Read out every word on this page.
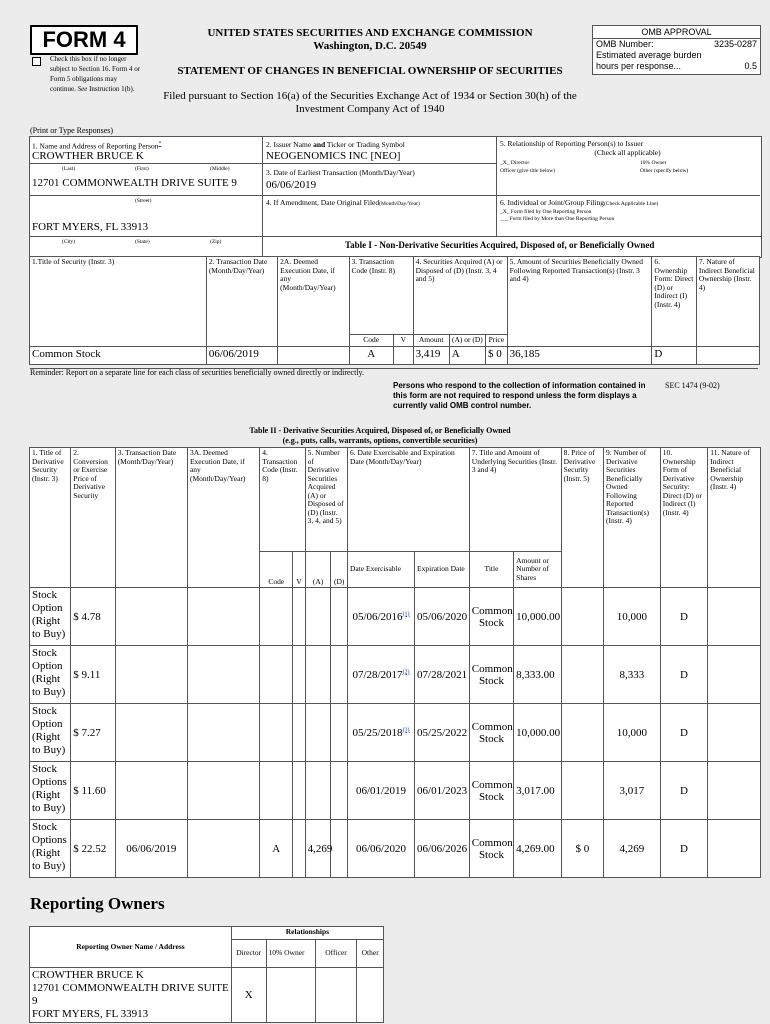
FORM 4
Check this box if no longer subject to Section 16. Form 4 or Form 5 obligations may continue. See Instruction 1(b).
UNITED STATES SECURITIES AND EXCHANGE COMMISSION
Washington, D.C. 20549
STATEMENT OF CHANGES IN BENEFICIAL OWNERSHIP OF SECURITIES
Filed pursuant to Section 16(a) of the Securities Exchange Act of 1934 or Section 30(h) of the
Investment Company Act of 1940
OMB APPROVAL
OMB Number:	3235-0287
Estimated average burden
hours per response...	0.5
(Print or Type Responses)
1. Name and Address of Reporting Person*
CROWTHER BRUCE K
(Last)	(First)	(Middle)
12701 COMMONWEALTH DRIVE SUITE 9
(Street)
FORT MYERS, FL 33913
(City)	(State)	(Zip)
2. Issuer Name and Ticker or Trading Symbol
NEOGENOMICS INC [NEO]
3. Date of Earliest Transaction (Month/Day/Year)
06/06/2019
4. If Amendment, Date Original Filed(Month/Day/Year)
5. Relationship of Reporting Person(s) to Issuer
(Check all applicable)
_X_ Director	10% Owner
Officer (give title below)	Other (specify below)
6. Individual or Joint/Group Filing(Check Applicable Line)
_X_ Form filed by One Reporting Person
___ Form filed by More than One Reporting Person
Table I - Non-Derivative Securities Acquired, Disposed of, or Beneficially Owned
1.Title of Security (Instr. 3)	2. Transaction Date (Month/Day/Year)	2A. Deemed Execution Date, if any (Month/Day/Year)	3. Transaction Code (Instr. 8)		4. Securities Acquired (A) or Disposed of (D) (Instr. 3, 4 and 5)			5. Amount of Securities Beneficially Owned Following Reported Transaction(s) (Instr. 3 and 4)	6. Ownership Form: Direct (D) or Indirect (I) (Instr. 4)	7. Nature of Indirect Beneficial Ownership (Instr. 4)
			Code	V	Amount	(A) or (D)	Price			
Common Stock	06/06/2019		A		3,419	A	$ 0	36,185	D	
Reminder: Report on a separate line for each class of securities beneficially owned directly or indirectly.
Persons who respond to the collection of information contained in this form are not required to respond unless the form displays a currently valid OMB control number.
SEC 1474 (9-02)
Table II - Derivative Securities Acquired, Disposed of, or Beneficially Owned
(e.g., puts, calls, warrants, options, convertible securities)
1. Title of Derivative Security (Instr. 3)	2. Conversion or Exercise Price of Derivative Security	3. Transaction Date (Month/Day/Year)	3A. Deemed Execution Date, if any (Month/Day/Year)	4. Transaction Code (Instr. 8)		5. Number of Derivative Securities Acquired (A) or Disposed of (D) (Instr. 3, 4, and 5)		6. Date Exercisable and Expiration Date (Month/Day/Year)		7. Title and Amount of Underlying Securities (Instr. 3 and 4)		8. Price of Derivative Security (Instr. 5)	9. Number of Derivative Securities Beneficially Owned Following Reported Transaction(s) (Instr. 4)	10. Ownership Form of Derivative Security: Direct (D) or Indirect (I) (Instr. 4)	11. Nature of Indirect Beneficial Ownership (Instr. 4)
				Code	V	(A)	(D)	Date Exercisable	Expiration Date	Title	Amount or Number of Shares				
Stock Option (Right to Buy)	$ 4.78							05/06/2016$^{(1)}$	05/06/2020	Common Stock	10,000.00		10,000	D	
Stock Option (Right to Buy)	$ 9.11							07/28/2017$^{(2)}$	07/28/2021	Common Stock	8,333.00		8,333	D	
Stock Option (Right to Buy)	$ 7.27							05/25/2018$^{(3)}$	05/25/2022	Common Stock	10,000.00		10,000	D	
Stock Options (Right to Buy)	$ 11.60							06/01/2019	06/01/2023	Common Stock	3,017.00		3,017	D	
Stock Options (Right to Buy)	$ 22.52	06/06/2019		A		4,269		06/06/2020	06/06/2026	Common Stock	4,269.00	$ 0	4,269	D	
Reporting Owners
Reporting Owner Name / Address	Relationships			
	Director	10% Owner	Officer	Other

CROWTHER BRUCE K
12701 COMMONWEALTH DRIVE SUITE 9
FORT MYERS, FL 33913	X			
